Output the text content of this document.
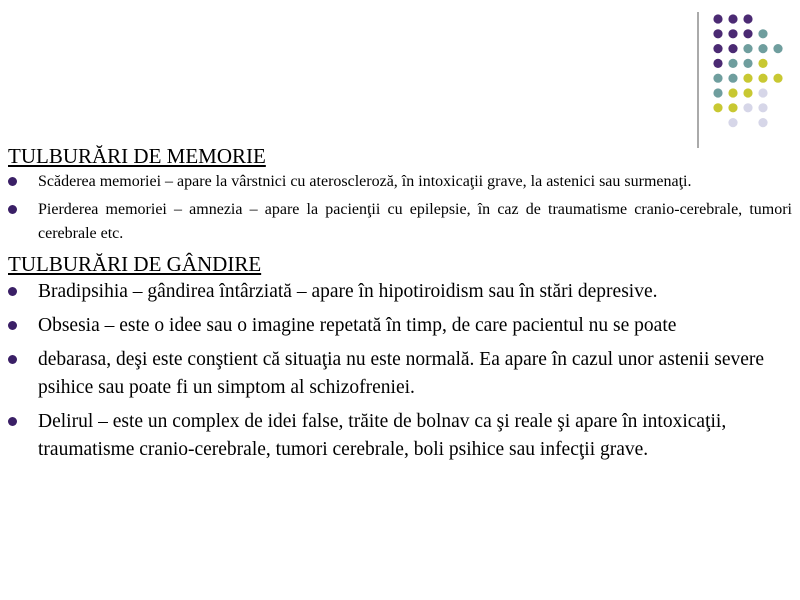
TULBURĂRI DE MEMORIE
Scăderea memoriei – apare la vârstnici cu ateroscleroză, în intoxicaţii grave, la astenici sau surmenaţi.
Pierderea memoriei – amnezia – apare la pacienţii cu epilepsie, în caz de traumatisme cranio-cerebrale, tumori cerebrale etc.
TULBURĂRI DE GÂNDIRE
Bradipsihia – gândirea întârziată – apare în hipotiroidism sau în stări depresive.
Obsesia – este o idee sau o imagine repetată în timp, de care pacientul nu se poate
debarasa, deşi este conştient că situaţia nu este normală. Ea apare în cazul unor astenii severe psihice sau poate fi un simptom al schizofreniei.
Delirul – este un complex de idei false, trăite de bolnav ca şi reale şi apare în intoxicaţii, traumatisme cranio-cerebrale, tumori cerebrale, boli psihice sau infecţii grave.
